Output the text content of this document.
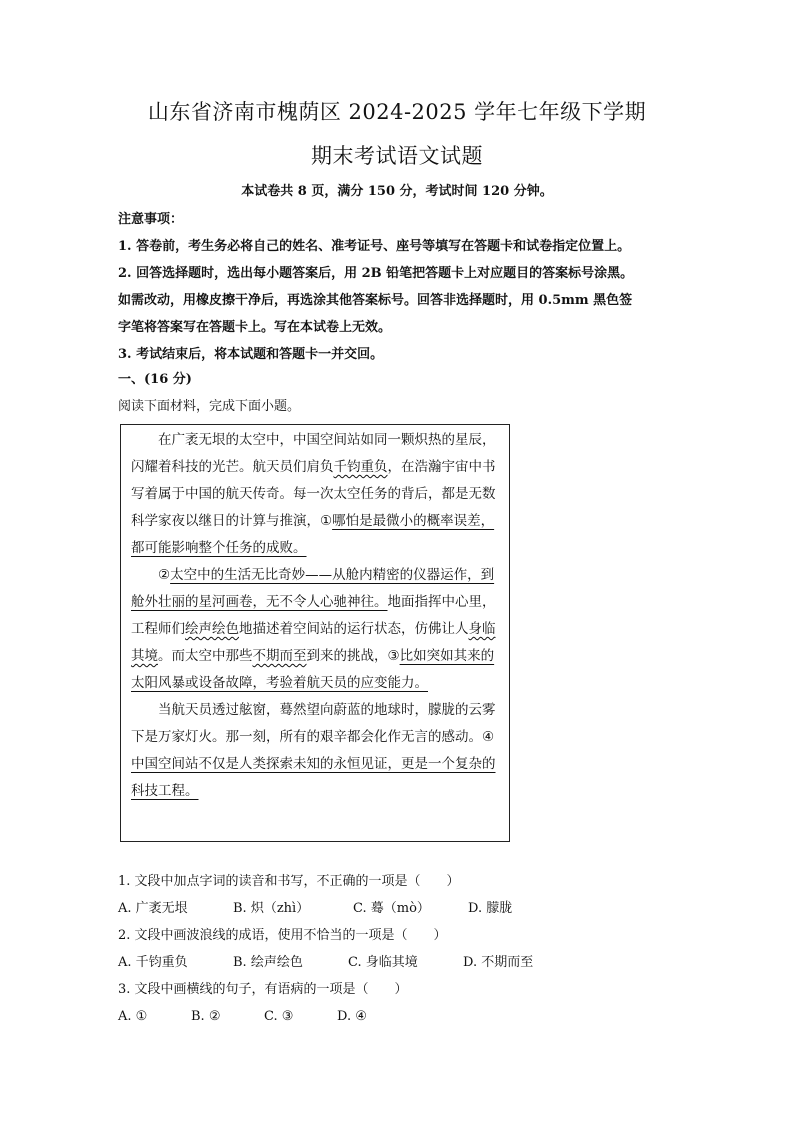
山东省济南市槐荫区 2024-2025 学年七年级下学期
期末考试语文试题
本试卷共 8 页，满分 150 分，考试时间 120 分钟。
注意事项：
1. 答卷前，考生务必将自己的姓名、准考证号、座号等填写在答题卡和试卷指定位置上。
2. 回答选择题时，选出每小题答案后，用 2B 铅笔把答题卡上对应题目的答案标号涂黑。
如需改动，用橡皮擦干净后，再选涂其他答案标号。回答非选择题时，用 0.5mm 黑色签
字笔将答案写在答题卡上。写在本试卷上无效。
3. 考试结束后，将本试题和答题卡一并交回。
一、(16 分)
阅读下面材料，完成下面小题。

在广袤无垠的太空中，中国空间站如同一颗炽热的星辰，闪耀着科技的光芒。航天员们肩负千钧重负，在浩瀚宇宙中书写着属于中国的航天传奇。每一次太空任务的背后，都是无数科学家夜以继日的计算与推演，①哪怕是最微小的概率误差，都可能影响整个任务的成败。

②太空中的生活无比奇妙——从舱内精密的仪器运作，到舱外壮丽的星河画卷，无不令人心驰神往。地面指挥中心里，工程师们绘声绘色地描述着空间站的运行状态，仿佛让人身临其境。而太空中那些不期而至到来的挑战，③比如突如其来的太阳风暴或设备故障，考验着航天员的应变能力。

当航天员透过舷窗，蓦然望向蔚蓝的地球时，朦胧的云雾下是万家灯火。那一刻，所有的艰辛都会化作无言的感动。④中国空间站不仅是人类探索未知的永恒见证，更是一个复杂的科技工程。

1. 文段中加点字词的读音和书写，不正确的一项是（　　）
A. 广袤无垠	B. 炽（zhì）	C. 蓦（mò）	D. 朦胧
2. 文段中画波浪线的成语，使用不恰当的一项是（　　）
A. 千钧重负	B. 绘声绘色	C. 身临其境	D. 不期而至
3. 文段中画横线的句子，有语病的一项是（　　）
A. ①	B. ②	C. ③	D. ④
